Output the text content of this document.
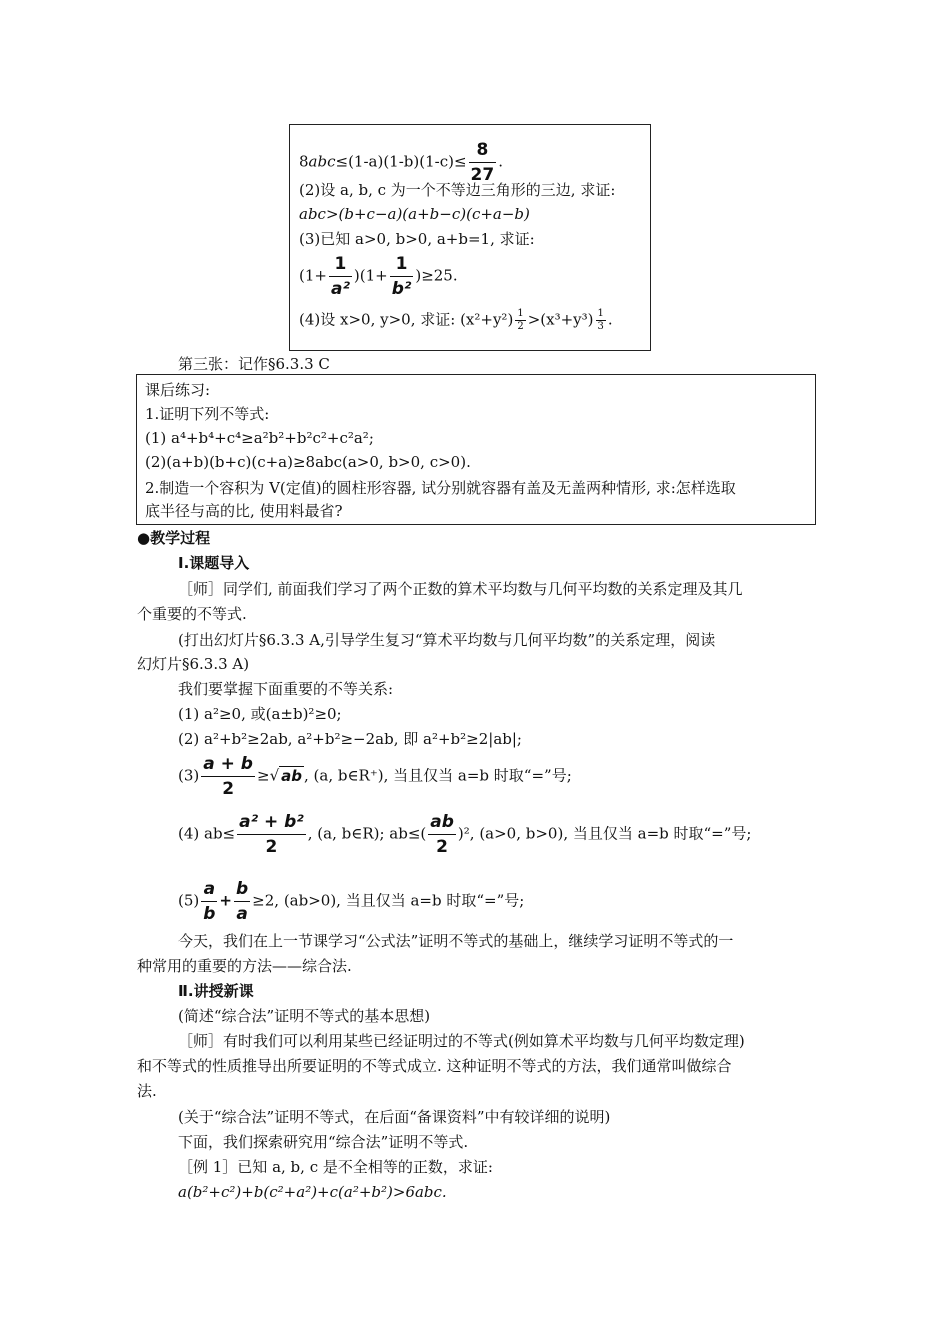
$8abc\le(1-a)(1-b)(1-c)\le \frac{8}{27}$ .
(2)设 a, b, c 为一个不等边三角形的三边, 求证:
abc>(b+c−a)(a+b−c)(c+a−b)
(3)已知 a>0, b>0, a+b=1, 求证:
$(1+ \frac{1}{\text{a²}} )(1+ \frac{1}{\text{b²}} )\ge 25$.
(4)设 x>0, y>0, 求证: $(x^2+y^2) \frac{1}{2} >(x^3+y^3) \frac{1}{3}$ .
第三张：记作§6.3.3 C
课后练习:
1.证明下列不等式:
(1) a⁴+b⁴+c⁴≥a²b²+b²c²+c²a²;
(2)(a+b)(b+c)(c+a)≥8abc(a>0, b>0, c>0).
2.制造一个容积为 V(定值)的圆柱形容器, 试分别就容器有盖及无盖两种情形, 求:怎样选取
底半径与高的比, 使用料最省?
●教学过程
Ⅰ.课题导入
［师］同学们, 前面我们学习了两个正数的算术平均数与几何平均数的关系定理及其几
个重要的不等式.
(打出幻灯片§6.3.3 A,引导学生复习“算术平均数与几何平均数”的关系定理，阅读
幻灯片§6.3.3 A)
我们要掌握下面重要的不等关系:
(1) a²≥0, 或(a±b)²≥0;
(2) a²+b²≥2ab, a²+b²≥−2ab, 即 a²+b²≥2|ab|;
$(3) \frac{a + b}{2}$ ≥√ ab , (a, b∈R⁺), 当且仅当 a=b 时取“=”号;
(4) $ab\le \frac{\text{a² + b²}}{2}$ , (a, b∈R); $ab\le( \frac{ab}{2} )^2$, (a>0, b>0), 当且仅当 a=b 时取“=”号;
$(5) \frac{a}{b} + \frac{b}{a} \ge 2$, (ab>0), 当且仅当 a=b 时取“=”号;
今天，我们在上一节课学习“公式法”证明不等式的基础上，继续学习证明不等式的一
种常用的重要的方法——综合法.
Ⅱ.讲授新课
(简述“综合法”证明不等式的基本思想)
［师］有时我们可以利用某些已经证明过的不等式(例如算术平均数与几何平均数定理)
和不等式的性质推导出所要证明的不等式成立. 这种证明不等式的方法，我们通常叫做综合
法.
(关于“综合法”证明不等式，在后面“备课资料”中有较详细的说明)
下面，我们探索研究用“综合法”证明不等式.
［例 1］已知 a, b, c 是不全相等的正数，求证:
a(b²+c²)+b(c²+a²)+c(a²+b²)>6abc.
